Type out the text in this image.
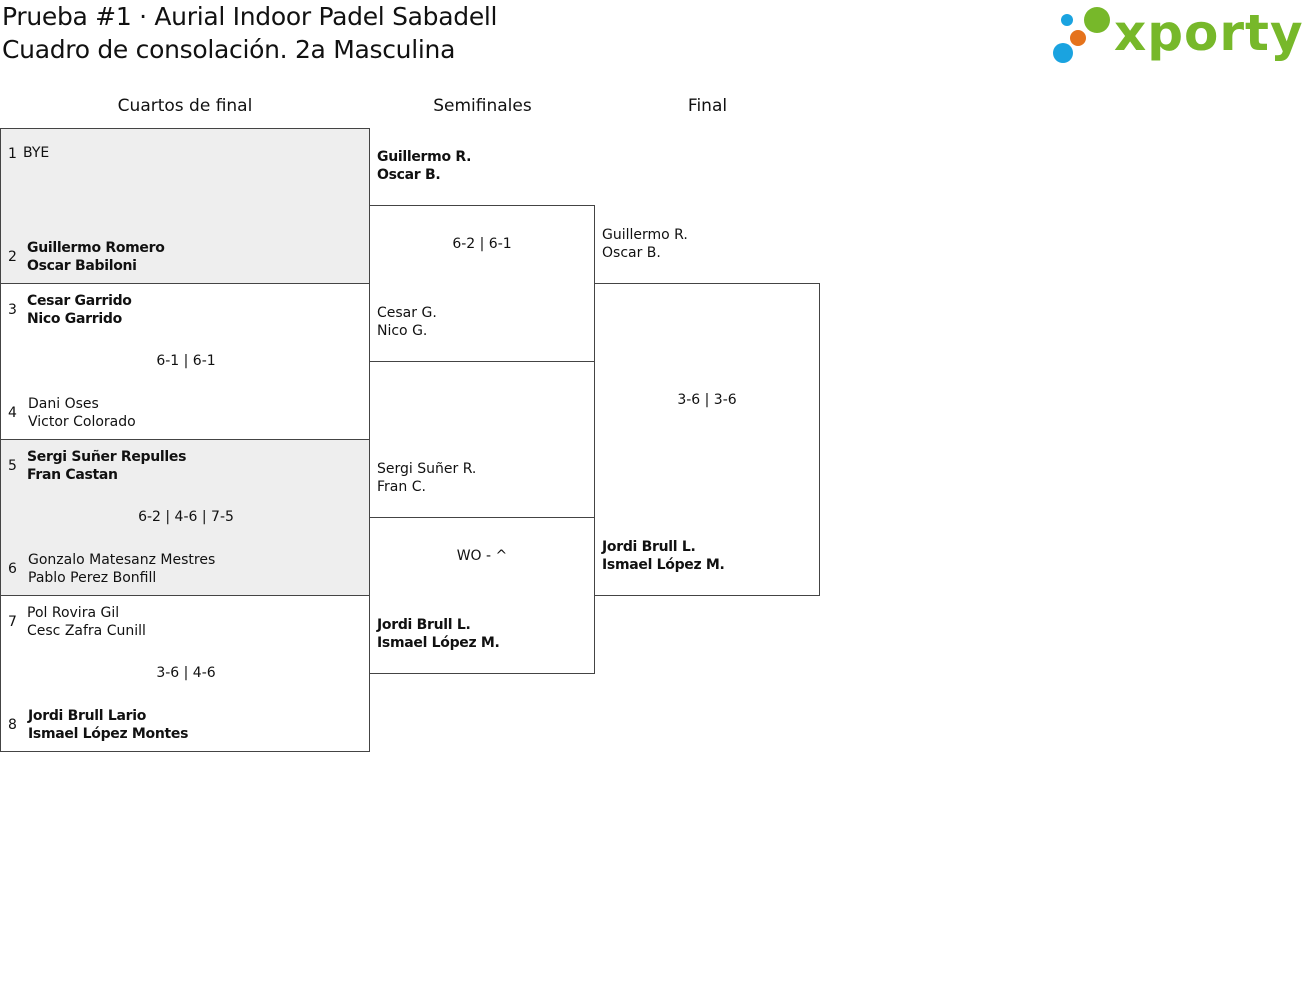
Prueba #1 · Aurial Indoor Padel Sabadell
Cuadro de consolación. 2a Masculina	xporty
Cuartos de final	Semifinales	Final
1 BYE
2
Guillermo Romero
Oscar Babiloni
3
Cesar Garrido
Nico Garrido
6-1 | 6-1
4
Dani Oses
Victor Colorado
5
Sergi Suñer Repulles
Fran Castan
6-2 | 4-6 | 7-5
6
Gonzalo Matesanz Mestres
Pablo Perez Bonfill
7
Pol Rovira Gil
Cesc Zafra Cunill
3-6 | 4-6
8
Jordi Brull Lario
Ismael López Montes
Guillermo R.
Oscar B.
6-2 | 6-1
Cesar G.
Nico G.
Sergi Suñer R.
Fran C.
WO - ^
Jordi Brull L.
Ismael López M.
Guillermo R.
Oscar B.
3-6 | 3-6
Jordi Brull L.
Ismael López M.
